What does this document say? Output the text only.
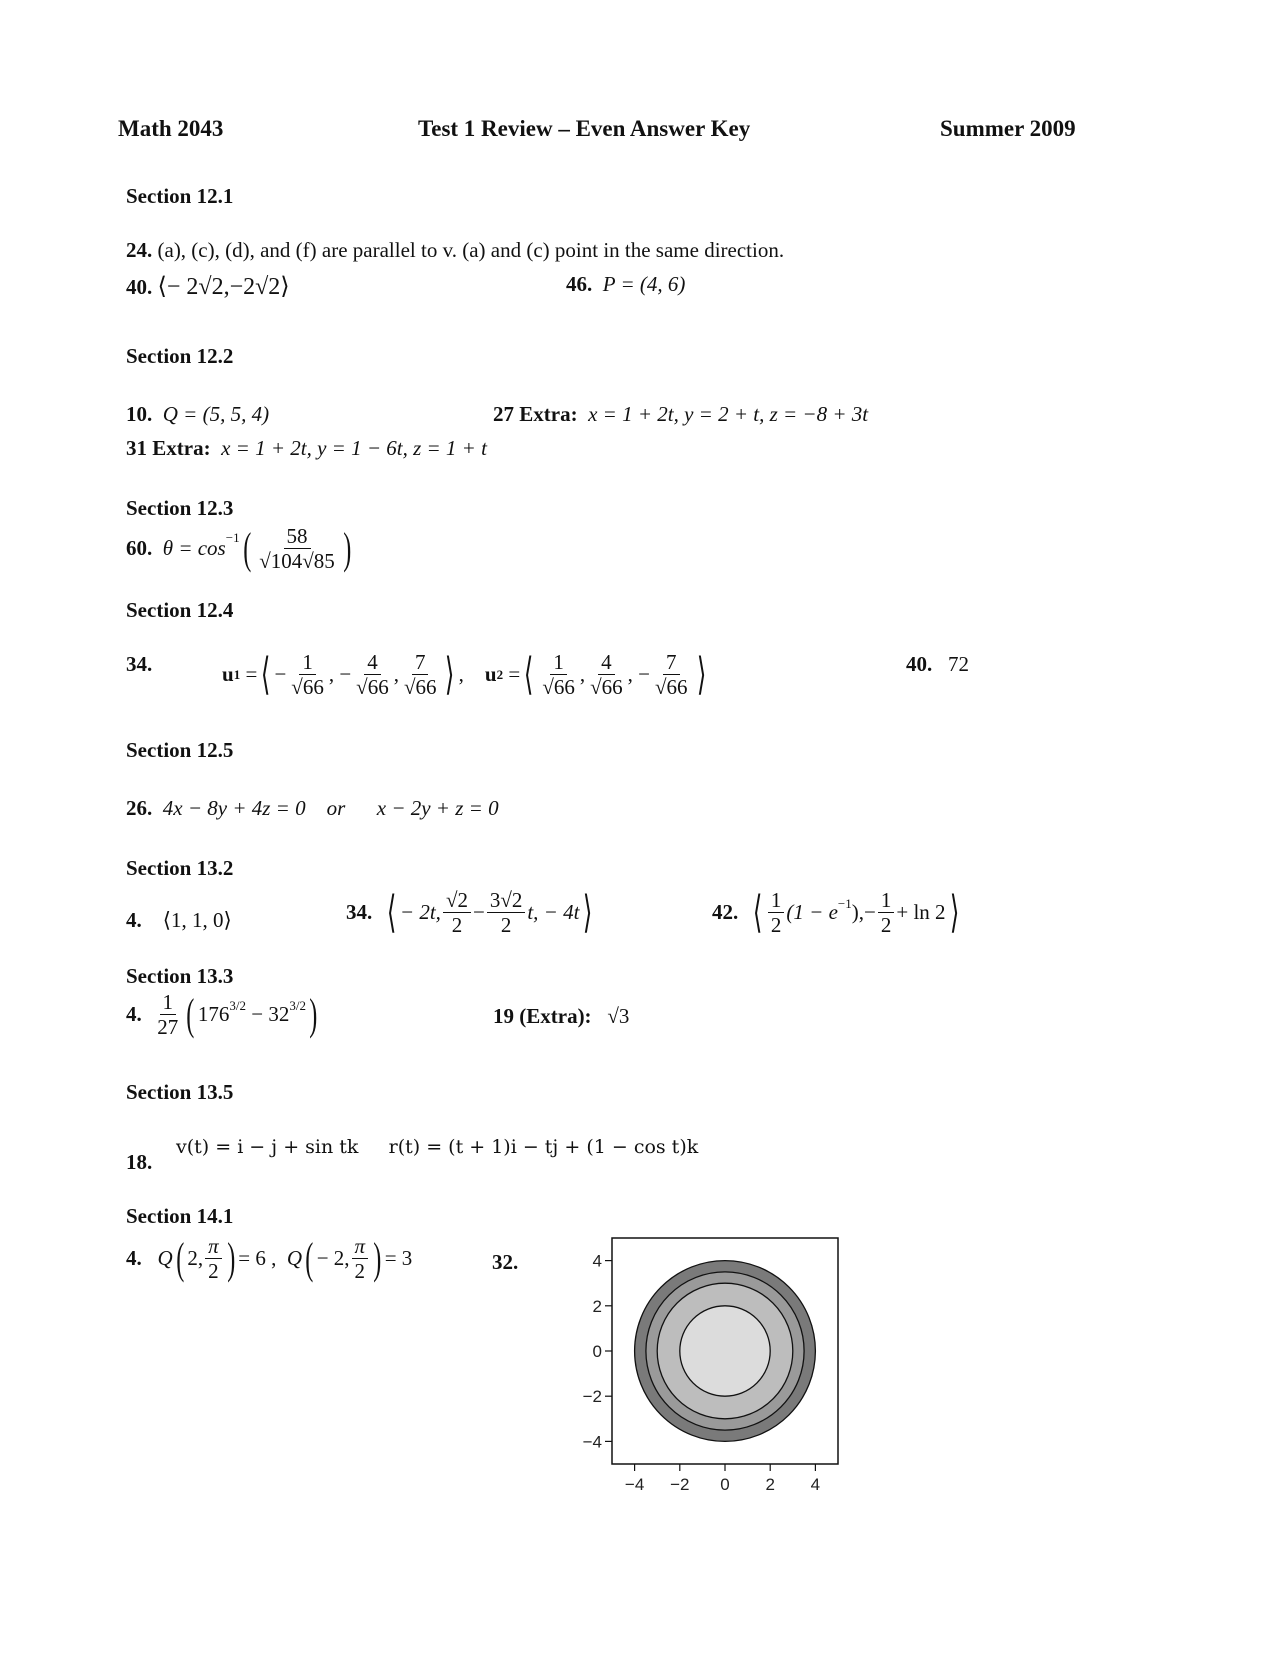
Math 2043	Test 1 Review – Even Answer Key	Summer 2009
Section 12.1
24. (a), (c), (d), and (f) are parallel to v. (a) and (c) point in the same direction.
40. ⟨− 2√2,−2√2⟩	46. P = (4, 6)
Section 12.2
10. Q = (5, 5, 4)	27 Extra: x = 1 + 2t, y = 2 + t, z = −8 + 3t
31 Extra: x = 1 + 2t, y = 1 − 6t, z = 1 + t
Section 12.3
60.
$\theta = \cos^{-1}$ ( $\frac{58}{√104√85}$ )
Section 12.4
34.	u 1 = ⟨ − $\frac{1}{√66}$ , − $\frac{4}{√66}$ , $\frac{7}{√66}$ ⟩ , u 2 = ⟨ $\frac{1}{√66}$ , $\frac{4}{√66}$ , − $\frac{7}{√66}$ ⟩	40. 72
Section 12.5
26. 4x − 8y + 4z = 0    or      x − 2y + z = 0
Section 13.2
4. ⟨1, 1, 0⟩	34.
⟨ − 2t, $\frac{√2}{2} - \frac{3√2}{2} t$, − 4t ⟩	42.
⟨ $\frac{1}{2} (1 - e^{-1}$ ), − $\frac{1}{2} + \ln 2$ ⟩
Section 13.3
4.
$\frac{1}{27}$ ( $176^{3/2} - 32^{3/2}$ )	19 (Extra): √3
Section 13.5
18.
v(t) = i − j + sin tk r(t) = (t + 1)i − tj + (1 − cos t)k
Section 14.1
4.
Q ( 2, $\frac{\pi}{2}$ ) = 6 ,
Q ( − 2, $\frac{\pi}{2}$ ) = 3	32.
−4
4
−2
2
0
0
2
−2
4
−4
